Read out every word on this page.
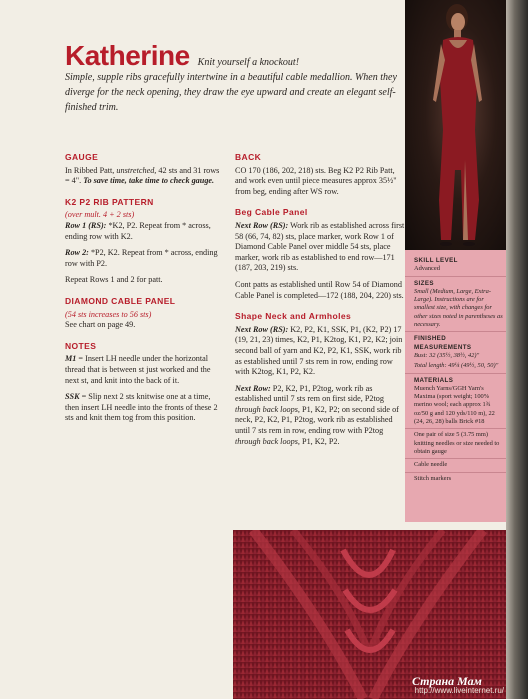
Katherine Knit yourself a knockout!
Simple, supple ribs gracefully intertwine in a beautiful cable medallion. When they diverge for the neck opening, they draw the eye upward and create an elegant self-finished trim.
GAUGE

In Ribbed Patt, unstretched, 42 sts and 31 rows = 4". To save time, take time to check gauge.

K2 P2 RIB PATTERN
(over mult. 4 + 2 sts)

Row 1 (RS): *K2, P2. Repeat from * across, ending row with K2.

Row 2: *P2, K2. Repeat from * across, ending row with P2.

Repeat Rows 1 and 2 for patt.

DIAMOND CABLE PANEL
(54 sts increases to 56 sts)

See chart on page 49.

NOTES

M1 = Insert LH needle under the horizontal thread that is between st just worked and the next st, and knit into the back of it.

SSK = Slip next 2 sts knitwise one at a time, then insert LH needle into the fronts of these 2 sts and knit them tog from this position.

BACK

CO 170 (186, 202, 218) sts. Beg K2 P2 Rib Patt, and work even until piece measures approx 35½" from beg, ending after WS row.

Beg Cable Panel

Next Row (RS): Work rib as established across first 58 (66, 74, 82) sts, place marker, work Row 1 of Diamond Cable Panel over middle 54 sts, place marker, work rib as established to end row—171 (187, 203, 219) sts.

Cont patts as established until Row 54 of Diamond Cable Panel is completed—172 (188, 204, 220) sts.

Shape Neck and Armholes

Next Row (RS): K2, P2, K1, SSK, P1, (K2, P2) 17 (19, 21, 23) times, K2, P1, K2tog, K1, P2, K2; join second ball of yarn and K2, P2, K1, SSK, work rib as established until 7 sts rem in row, ending row with K2tog, K1, P2, K2.

Next Row: P2, K2, P1, P2tog, work rib as established until 7 sts rem on first side, P2tog through back loops, P1, K2, P2; on second side of neck, P2, K2, P1, P2tog, work rib as established until 7 sts rem in row, ending row with P2tog through back loops, P1, K2, P2.

SKILL LEVEL

Advanced

SIZES

Small (Medium, Large, Extra-Large). Instructions are for smallest size, with changes for other sizes noted in parentheses as necessary.

FINISHED MEASUREMENTS

Bust: 32 (35½, 38½, 42)"

Total length: 49¼ (49½, 50, 50)"

MATERIALS

Muench Yarns/GGH Yarn's Maxima (sport weight; 100% merino wool; each approx 1¾ oz/50 g and 120 yds/110 m), 22 (24, 26, 28) balls Brick #18

One pair of size 5 (3.75 mm) knitting needles or size needed to obtain gauge

Cable needle

Stitch markers

Страна Мам
http://www.liveinternet.ru/
